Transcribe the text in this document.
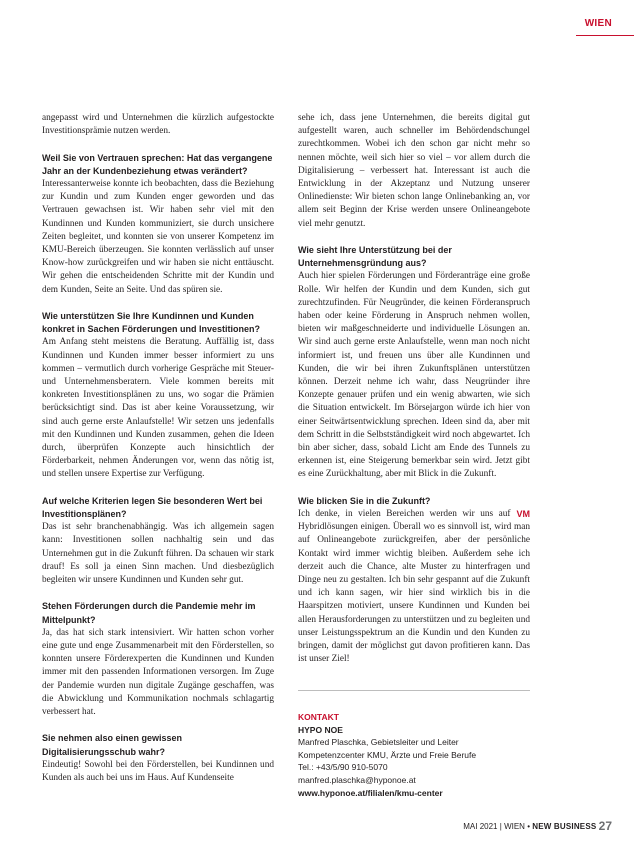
WIEN

angepasst wird und Unternehmen die kürzlich aufgestockte Investitionsprämie nutzen werden.

Weil Sie von Vertrauen sprechen: Hat das vergangene Jahr an der Kundenbeziehung etwas verändert?

Interessanterweise konnte ich beobachten, dass die Beziehung zur Kundin und zum Kunden enger geworden und das Vertrauen gewachsen ist. Wir haben sehr viel mit den Kundinnen und Kunden kommuniziert, sie durch unsichere Zeiten begleitet, und konnten sie von unserer Kompetenz im KMU-Bereich überzeugen. Sie konnten verlässlich auf unser Know-how zurückgreifen und wir haben sie nicht enttäuscht. Wir gehen die entscheidenden Schritte mit der Kundin und dem Kunden, Seite an Seite. Und das spüren sie.

Wie unterstützen Sie Ihre Kundinnen und Kunden konkret in Sachen Förderungen und Investitionen?

Am Anfang steht meistens die Beratung. Auffällig ist, dass Kundinnen und Kunden immer besser informiert zu uns kommen – vermutlich durch vorherige Gespräche mit Steuer- und Unternehmensberatern. Viele kommen bereits mit konkreten Investitionsplänen zu uns, wo sogar die Prämien berücksichtigt sind. Das ist aber keine Voraussetzung, wir sind auch gerne erste Anlaufstelle! Wir setzen uns jedenfalls mit den Kundinnen und Kunden zusammen, gehen die Ideen durch, überprüfen Konzepte auch hinsichtlich der Förderbarkeit, nehmen Änderungen vor, wenn das nötig ist, und stellen unsere Expertise zur Verfügung.

Auf welche Kriterien legen Sie besonderen Wert bei Investitionsplänen?

Das ist sehr branchenabhängig. Was ich allgemein sagen kann: Investitionen sollen nachhaltig sein und das Unternehmen gut in die Zukunft führen. Da schauen wir stark drauf! Es soll ja einen Sinn machen. Und diesbezüglich begleiten wir unsere Kundinnen und Kunden sehr gut.

Stehen Förderungen durch die Pandemie mehr im Mittelpunkt?

Ja, das hat sich stark intensiviert. Wir hatten schon vorher eine gute und enge Zusammenarbeit mit den Förderstellen, so konnten unsere Förderexperten die Kundinnen und Kunden immer mit den passenden Informationen versorgen. Im Zuge der Pandemie wurden nun digitale Zugänge geschaffen, was die Abwicklung und Kommunikation nochmals schlagartig verbessert hat.

Sie nehmen also einen gewissen Digitalisierungsschub wahr?

Eindeutig! Sowohl bei den Förderstellen, bei Kundinnen und Kunden als auch bei uns im Haus. Auf Kundenseite

sehe ich, dass jene Unternehmen, die bereits digital gut aufgestellt waren, auch schneller im Behördendschungel zurechtkommen. Wobei ich den schon gar nicht mehr so nennen möchte, weil sich hier so viel – vor allem durch die Digitalisierung – verbessert hat. Interessant ist auch die Entwicklung in der Akzeptanz und Nutzung unserer Onlinedienste: Wir bieten schon lange Onlinebanking an, vor allem seit Beginn der Krise werden unsere Onlineangebote viel mehr genutzt.

Wie sieht Ihre Unterstützung bei der Unternehmensgründung aus?

Auch hier spielen Förderungen und Förderanträge eine große Rolle. Wir helfen der Kundin und dem Kunden, sich gut zurechtzufinden. Für Neugründer, die keinen Förderanspruch haben oder keine Förderung in Anspruch nehmen wollen, bieten wir maßgeschneiderte und individuelle Lösungen an. Wir sind auch gerne erste Anlaufstelle, wenn man noch nicht informiert ist, und freuen uns über alle Kundinnen und Kunden, die wir bei ihren Zukunftsplänen unterstützen können. Derzeit nehme ich wahr, dass Neugründer ihre Konzepte genauer prüfen und ein wenig abwarten, wie sich die Situation entwickelt. Im Börsejargon würde ich hier von einer Seitwärtsentwicklung sprechen. Ideen sind da, aber mit dem Schritt in die Selbstständigkeit wird noch abgewartet. Ich bin aber sicher, dass, sobald Licht am Ende des Tunnels zu erkennen ist, eine Steigerung bemerkbar sein wird. Jetzt gibt es eine Zurückhaltung, aber mit Blick in die Zukunft.

Wie blicken Sie in die Zukunft?

VM
Ich denke, in vielen Bereichen werden wir uns auf Hybridlösungen einigen. Überall wo es sinnvoll ist, wird man auf Onlineangebote zurückgreifen, aber der persönliche Kontakt wird immer wichtig bleiben. Außerdem sehe ich derzeit auch die Chance, alte Muster zu hinterfragen und Dinge neu zu gestalten. Ich bin sehr gespannt auf die Zukunft und ich kann sagen, wir hier sind wirklich bis in die Haarspitzen motiviert, unsere Kundinnen und Kunden bei allen Herausforderungen zu unterstützen und zu begleiten und unser Leistungsspektrum an die Kundin und den Kunden zu bringen, damit der möglichst gut davon profitieren kann. Das ist unser Ziel!

KONTAKT
HYPO NOE
Manfred Plaschka, Gebietsleiter und Leiter
Kompetenzcenter KMU, Ärzte und Freie Berufe
Tel.: +43/5/90 910-5070
manfred.plaschka@hyponoe.at
www.hyponoe.at/filialen/kmu-center
MAI 2021 | WIEN • NEW BUSINESS 27
